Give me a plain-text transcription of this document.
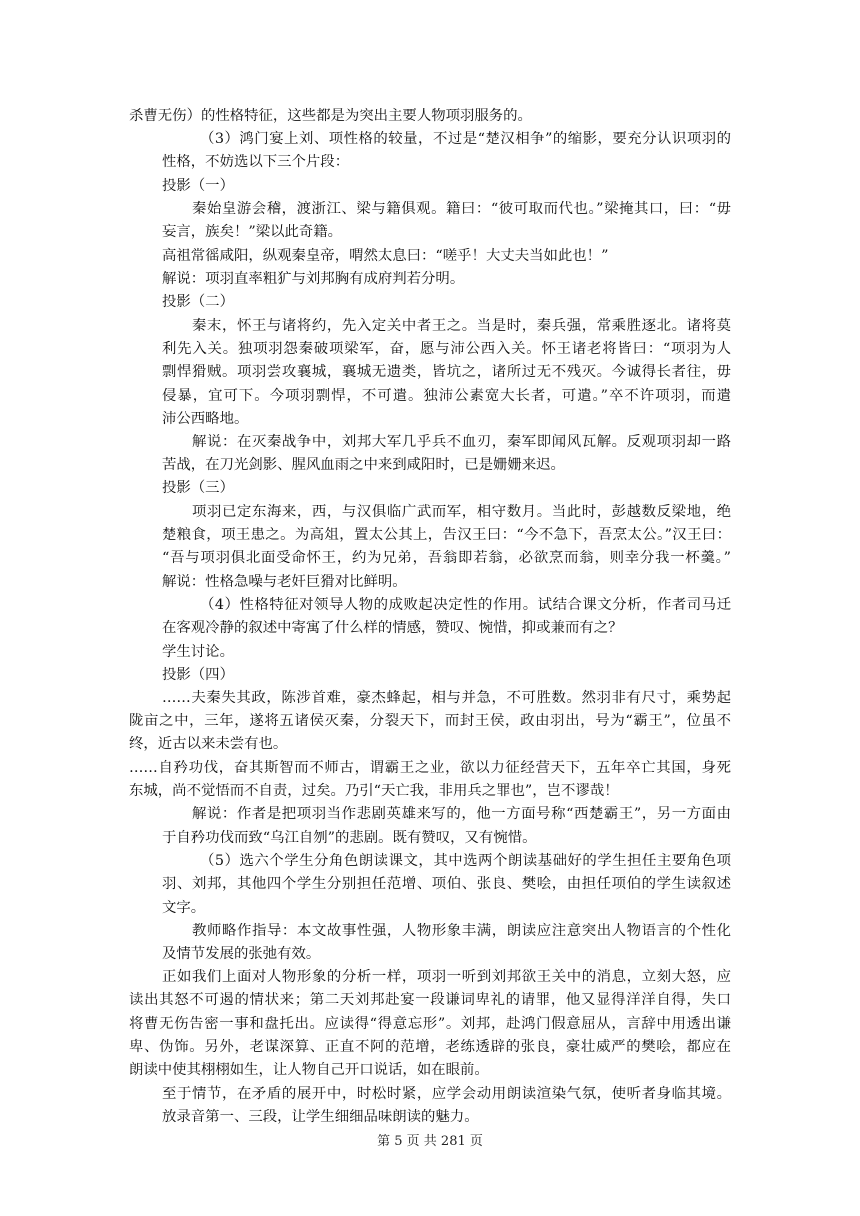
杀曹无伤）的性格特征，这些都是为突出主要人物项羽服务的。

（3）鸿门宴上刘、项性格的较量，不过是“楚汉相争”的缩影，要充分认识项羽的

性格，不妨选以下三个片段：

投影（一）

秦始皇游会稽，渡浙江、梁与籍俱观。籍曰：“彼可取而代也。”梁掩其口，曰：“毋

妄言，族矣！”梁以此奇籍。

高祖常徭咸阳，纵观秦皇帝，喟然太息曰：“嗟乎！大丈夫当如此也！”

解说：项羽直率粗犷与刘邦胸有成府判若分明。

投影（二）

秦末，怀王与诸将约，先入定关中者王之。当是时，秦兵强，常乘胜逐北。诸将莫

利先入关。独项羽怨秦破项梁军，奋，愿与沛公西入关。怀王诸老将皆曰：“项羽为人

剽悍猾贼。项羽尝攻襄城，襄城无遗类，皆坑之，诸所过无不残灭。今诚得长者往，毋

侵暴，宜可下。今项羽剽悍，不可遣。独沛公素宽大长者，可遣。”卒不许项羽，而遣

沛公西略地。

解说：在灭秦战争中，刘邦大军几乎兵不血刃，秦军即闻风瓦解。反观项羽却一路

苦战，在刀光剑影、腥风血雨之中来到咸阳时，已是姗姗来迟。

投影（三）

项羽已定东海来，西，与汉俱临广武而军，相守数月。当此时，彭越数反梁地，绝

楚粮食，项王患之。为高俎，置太公其上，告汉王曰：“今不急下，吾烹太公。”汉王曰：

“吾与项羽俱北面受命怀王，约为兄弟，吾翁即若翁，必欲烹而翁，则幸分我一杯羹。”

解说：性格急噪与老奸巨猾对比鲜明。

（4）性格特征对领导人物的成败起决定性的作用。试结合课文分析，作者司马迁

在客观冷静的叙述中寄寓了什么样的情感，赞叹、惋惜，抑或兼而有之？

学生讨论。

投影（四）

……夫秦失其政，陈涉首难，豪杰蜂起，相与并急，不可胜数。然羽非有尺寸，乘势起

陇亩之中，三年，遂将五诸侯灭秦，分裂天下，而封王侯，政由羽出，号为“霸王”，位虽不

终，近古以来未尝有也。

……自矜功伐，奋其斯智而不师古，谓霸王之业，欲以力征经营天下，五年卒亡其国，身死

东城，尚不觉悟而不自责，过矣。乃引“天亡我，非用兵之罪也”，岂不谬哉！

解说：作者是把项羽当作悲剧英雄来写的，他一方面号称“西楚霸王”，另一方面由

于自矜功伐而致“乌江自刎”的悲剧。既有赞叹，又有惋惜。

（5）选六个学生分角色朗读课文，其中选两个朗读基础好的学生担任主要角色项

羽、刘邦，其他四个学生分别担任范增、项伯、张良、樊哙，由担任项伯的学生读叙述

文字。

教师略作指导：本文故事性强，人物形象丰满，朗读应注意突出人物语言的个性化

及情节发展的张弛有效。

正如我们上面对人物形象的分析一样，项羽一听到刘邦欲王关中的消息，立刻大怒，应

读出其怒不可遏的情状来；第二天刘邦赴宴一段谦词卑礼的请罪，他又显得洋洋自得，失口

将曹无伤告密一事和盘托出。应读得“得意忘形”。刘邦，赴鸿门假意屈从，言辞中用透出谦

卑、伪饰。另外，老谋深算、正直不阿的范增，老练透辟的张良，豪壮威严的樊哙，都应在

朗读中使其栩栩如生，让人物自己开口说话，如在眼前。

至于情节，在矛盾的展开中，时松时紧，应学会动用朗读渲染气氛，使听者身临其境。

放录音第一、三段，让学生细细品味朗读的魅力。

第 5 页 共 281 页
